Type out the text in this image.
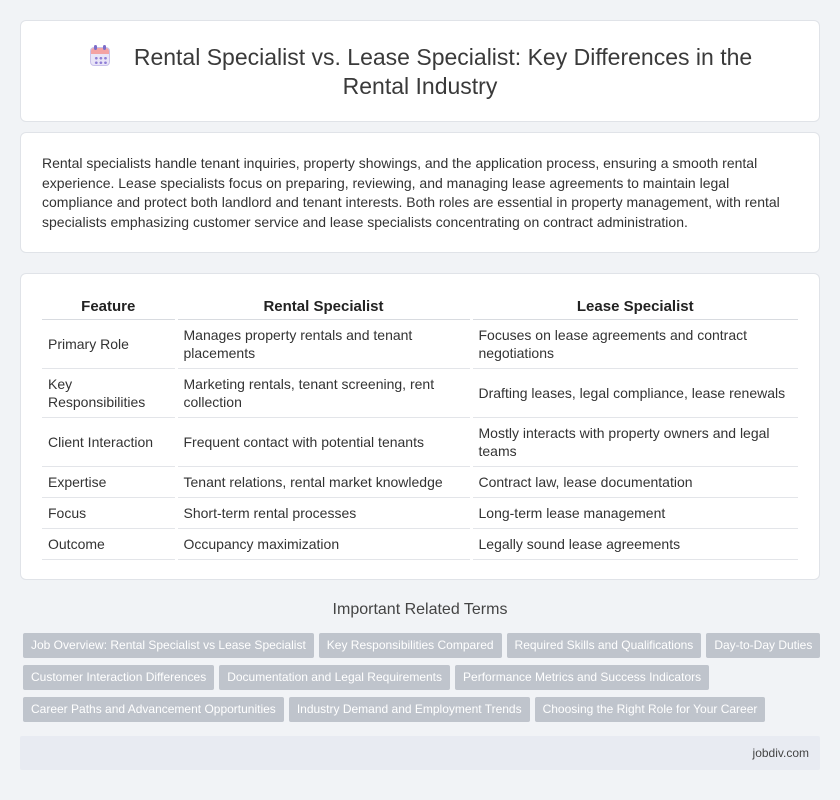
Rental Specialist vs. Lease Specialist: Key Differences in the Rental Industry

Rental specialists handle tenant inquiries, property showings, and the application process, ensuring a smooth rental experience. Lease specialists focus on preparing, reviewing, and managing lease agreements to maintain legal compliance and protect both landlord and tenant interests. Both roles are essential in property management, with rental specialists emphasizing customer service and lease specialists concentrating on contract administration.

Feature	Rental Specialist	Lease Specialist
Primary Role	Manages property rentals and tenant placements	Focuses on lease agreements and contract negotiations
Key Responsibilities	Marketing rentals, tenant screening, rent collection	Drafting leases, legal compliance, lease renewals
Client Interaction	Frequent contact with potential tenants	Mostly interacts with property owners and legal teams
Expertise	Tenant relations, rental market knowledge	Contract law, lease documentation
Focus	Short-term rental processes	Long-term lease management
Outcome	Occupancy maximization	Legally sound lease agreements
Important Related Terms
Job Overview: Rental Specialist vs Lease Specialist Key Responsibilities Compared Required Skills and Qualifications Day-to-Day Duties
Customer Interaction Differences Documentation and Legal Requirements Performance Metrics and Success Indicators
Career Paths and Advancement Opportunities Industry Demand and Employment Trends Choosing the Right Role for Your Career
jobdiv.com
